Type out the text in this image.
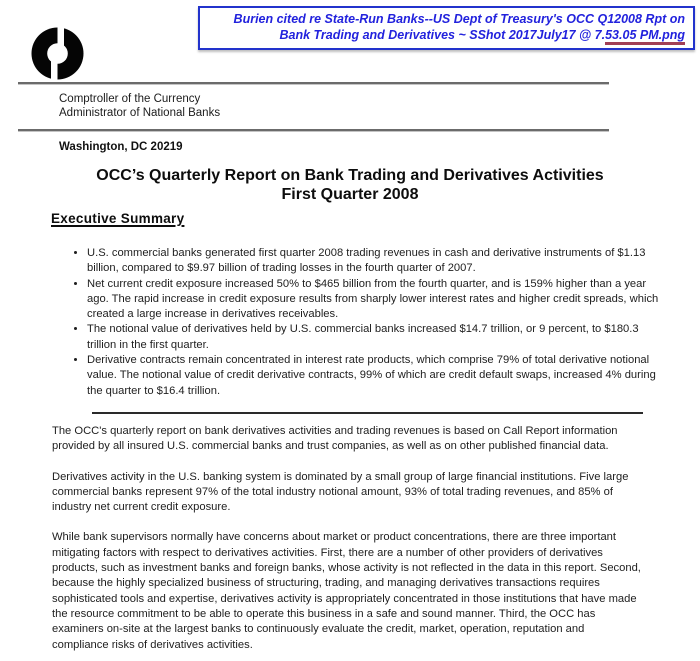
Burien cited re State-Run Banks--US Dept of Treasury's OCC Q12008 Rpt on
Bank Trading and Derivatives ~ SShot 2017July17 @ 7.53.05 PM.png
Comptroller of the Currency
Administrator of National Banks
Washington, DC 20219
OCC’s Quarterly Report on Bank Trading and Derivatives Activities
First Quarter 2008
Executive Summary
• U.S. commercial banks generated first quarter 2008 trading revenues in cash and derivative instruments of $1.13 billion, compared to $9.97 billion of trading losses in the fourth quarter of 2007.
• Net current credit exposure increased 50% to $465 billion from the fourth quarter, and is 159% higher than a year ago. The rapid increase in credit exposure results from sharply lower interest rates and higher credit spreads, which created a large increase in derivatives receivables.
• The notional value of derivatives held by U.S. commercial banks increased $14.7 trillion, or 9 percent, to $180.3 trillion in the first quarter.
• Derivative contracts remain concentrated in interest rate products, which comprise 79% of total derivative notional value. The notional value of credit derivative contracts, 99% of which are credit default swaps, increased 4% during the quarter to $16.4 trillion.

The OCC's quarterly report on bank derivatives activities and trading revenues is based on Call Report information provided by all insured U.S. commercial banks and trust companies, as well as on other published financial data.

Derivatives activity in the U.S. banking system is dominated by a small group of large financial institutions. Five large commercial banks represent 97% of the total industry notional amount, 93% of total trading revenues, and 85% of industry net current credit exposure.

While bank supervisors normally have concerns about market or product concentrations, there are three important mitigating factors with respect to derivatives activities. First, there are a number of other providers of derivatives products, such as investment banks and foreign banks, whose activity is not reflected in the data in this report. Second, because the highly specialized business of structuring, trading, and managing derivatives transactions requires sophisticated tools and expertise, derivatives activity is appropriately concentrated in those institutions that have made the resource commitment to be able to operate this business in a safe and sound manner. Third, the OCC has examiners on-site at the largest banks to continuously evaluate the credit, market, operation, reputation and compliance risks of derivatives activities.
